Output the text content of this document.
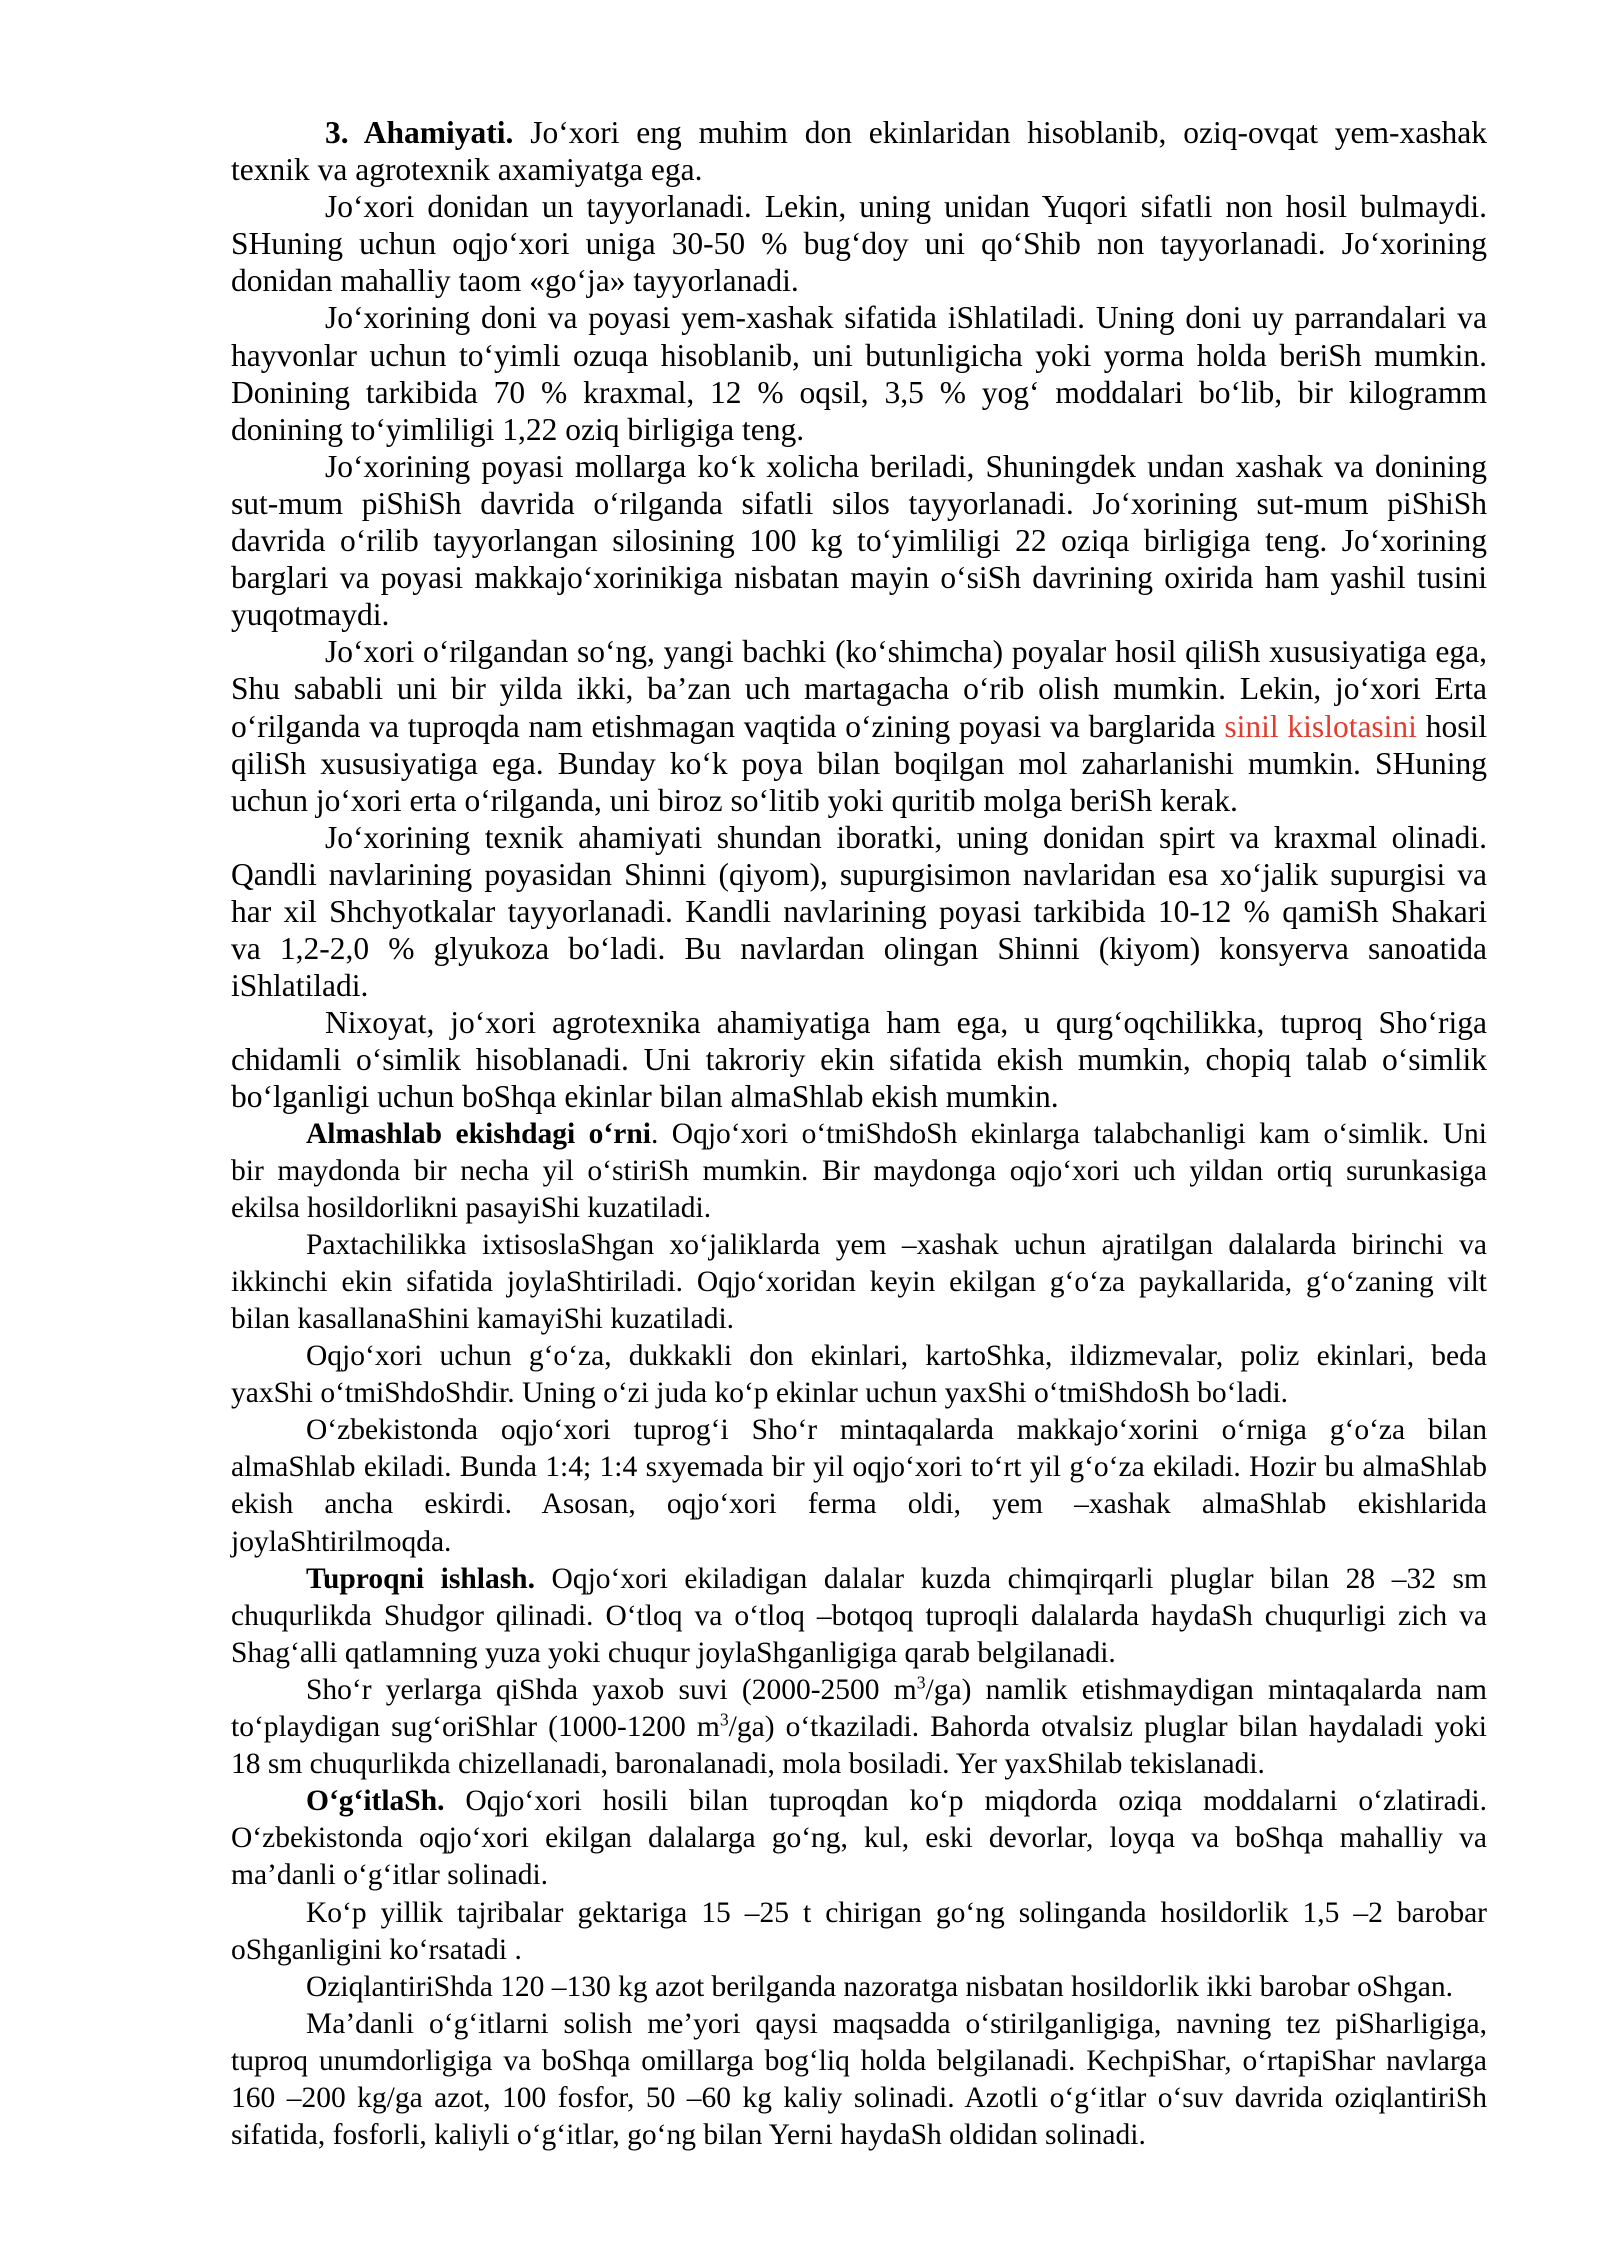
3. Ahamiyati. Jo‘xori eng muhim don ekinlaridan hisoblanib, oziq-ovqat yem-xashak
texnik va agrotexnik axamiyatga ega.
Jo‘xori donidan un tayyorlanadi. Lekin, uning unidan Yuqori sifatli non hosil bulmaydi.
SHuning uchun oqjo‘xori uniga 30-50 % bug‘doy uni qo‘Shib non tayyorlanadi. Jo‘xorining
donidan mahalliy taom «go‘ja» tayyorlanadi.
Jo‘xorining doni va poyasi yem-xashak sifatida iShlatiladi. Uning doni uy parrandalari va
hayvonlar uchun to‘yimli ozuqa hisoblanib, uni butunligicha yoki yorma holda beriSh mumkin.
Donining tarkibida 70 % kraxmal, 12 % oqsil, 3,5 % yog‘ moddalari bo‘lib, bir kilogramm
donining to‘yimliligi 1,22 oziq birligiga teng.
Jo‘xorining poyasi mollarga ko‘k xolicha beriladi, Shuningdek undan xashak va donining
sut-mum piShiSh davrida o‘rilganda sifatli silos tayyorlanadi. Jo‘xorining sut-mum piShiSh
davrida o‘rilib tayyorlangan silosining 100 kg to‘yimliligi 22 oziqa birligiga teng. Jo‘xorining
barglari va poyasi makkajo‘xorinikiga nisbatan mayin o‘siSh davrining oxirida ham yashil tusini
yuqotmaydi.
Jo‘xori o‘rilgandan so‘ng, yangi bachki (ko‘shimcha) poyalar hosil qiliSh xususiyatiga ega,
Shu sababli uni bir yilda ikki, ba’zan uch martagacha o‘rib olish mumkin. Lekin, jo‘xori Erta
o‘rilganda va tuproqda nam etishmagan vaqtida o‘zining poyasi va barglarida sinil kislotasini hosil
qiliSh xususiyatiga ega. Bunday ko‘k poya bilan boqilgan mol zaharlanishi mumkin. SHuning
uchun jo‘xori erta o‘rilganda, uni biroz so‘litib yoki quritib molga beriSh kerak.
Jo‘xorining texnik ahamiyati shundan iboratki, uning donidan spirt va kraxmal olinadi.
Qandli navlarining poyasidan Shinni (qiyom), supurgisimon navlaridan esa xo‘jalik supurgisi va
har xil Shchyotkalar tayyorlanadi. Kandli navlarining poyasi tarkibida 10-12 % qamiSh Shakari
va 1,2-2,0 % glyukoza bo‘ladi. Bu navlardan olingan Shinni (kiyom) konsyerva sanoatida
iShlatiladi.
Nixoyat, jo‘xori agrotexnika ahamiyatiga ham ega, u qurg‘oqchilikka, tuproq Sho‘riga
chidamli o‘simlik hisoblanadi. Uni takroriy ekin sifatida ekish mumkin, chopiq talab o‘simlik
bo‘lganligi uchun boShqa ekinlar bilan almaShlab ekish mumkin.
Almashlab ekishdagi o‘rni. Oqjo‘xori o‘tmiShdoSh ekinlarga talabchanligi kam o‘simlik. Uni
bir maydonda bir necha yil o‘stiriSh mumkin. Bir maydonga oqjo‘xori uch yildan ortiq surunkasiga
ekilsa hosildorlikni pasayiShi kuzatiladi.
Paxtachilikka ixtisoslaShgan xo‘jaliklarda yem –xashak uchun ajratilgan dalalarda birinchi va
ikkinchi ekin sifatida joylaShtiriladi. Oqjo‘xoridan keyin ekilgan g‘o‘za paykallarida, g‘o‘zaning vilt
bilan kasallanaShini kamayiShi kuzatiladi.
Oqjo‘xori uchun g‘o‘za, dukkakli don ekinlari, kartoShka, ildizmevalar, poliz ekinlari, beda
yaxShi o‘tmiShdoShdir. Uning o‘zi juda ko‘p ekinlar uchun yaxShi o‘tmiShdoSh bo‘ladi.
O‘zbekistonda oqjo‘xori tuprog‘i Sho‘r mintaqalarda makkajo‘xorini o‘rniga g‘o‘za bilan
almaShlab ekiladi. Bunda 1:4; 1:4 sxyemada bir yil oqjo‘xori to‘rt yil g‘o‘za ekiladi. Hozir bu almaShlab
ekish ancha eskirdi. Asosan, oqjo‘xori ferma oldi, yem –xashak almaShlab ekishlarida
joylaShtirilmoqda.
Tuproqni ishlash. Oqjo‘xori ekiladigan dalalar kuzda chimqirqarli pluglar bilan 28 –32 sm
chuqurlikda Shudgor qilinadi. O‘tloq va o‘tloq –botqoq tuproqli dalalarda haydaSh chuqurligi zich va
Shag‘alli qatlamning yuza yoki chuqur joylaShganligiga qarab belgilanadi.
Sho‘r yerlarga qiShda yaxob suvi (2000-2500 $m^3/ga$) namlik etishmaydigan mintaqalarda nam
to‘playdigan sug‘oriShlar (1000-1200 $m^3/ga$) o‘tkaziladi. Bahorda otvalsiz pluglar bilan haydaladi yoki
18 sm chuqurlikda chizellanadi, baronalanadi, mola bosiladi. Yer yaxShilab tekislanadi.
O‘g‘itlaSh. Oqjo‘xori hosili bilan tuproqdan ko‘p miqdorda oziqa moddalarni o‘zlatiradi.
O‘zbekistonda oqjo‘xori ekilgan dalalarga go‘ng, kul, eski devorlar, loyqa va boShqa mahalliy va
ma’danli o‘g‘itlar solinadi.
Ko‘p yillik tajribalar gektariga 15 –25 t chirigan go‘ng solinganda hosildorlik 1,5 –2 barobar
oShganligini ko‘rsatadi .
OziqlantiriShda 120 –130 kg azot berilganda nazoratga nisbatan hosildorlik ikki barobar oShgan.
Ma’danli o‘g‘itlarni solish me’yori qaysi maqsadda o‘stirilganligiga, navning tez piSharligiga,
tuproq unumdorligiga va boShqa omillarga bog‘liq holda belgilanadi. KechpiShar, o‘rtapiShar navlarga
160 –200 kg/ga azot, 100 fosfor, 50 –60 kg kaliy solinadi. Azotli o‘g‘itlar o‘suv davrida oziqlantiriSh
sifatida, fosforli, kaliyli o‘g‘itlar, go‘ng bilan Yerni haydaSh oldidan solinadi.
